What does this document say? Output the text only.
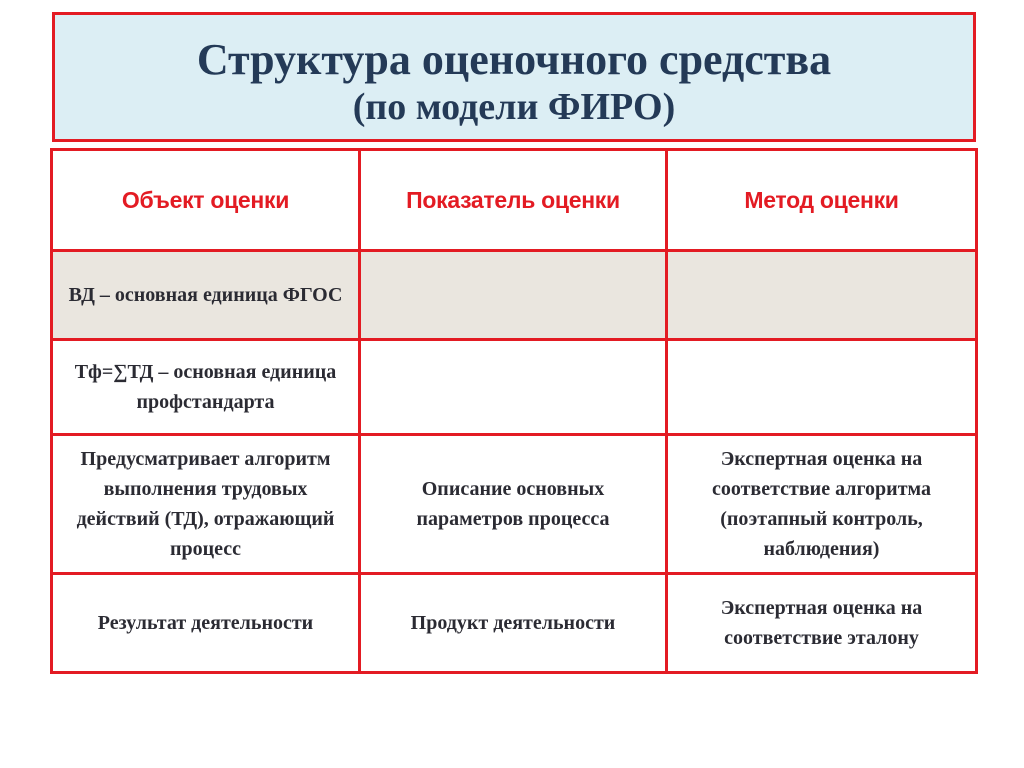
Структура оценочного средства
(по модели ФИРО)
Объект оценки	Показатель оценки	Метод оценки
ВД – основная единица ФГОС		
Тф=∑ТД – основная единица профстандарта		
Предусматривает алгоритм выполнения трудовых действий (ТД), отражающий процесс	Описание основных параметров процесса	Экспертная оценка на соответствие алгоритма (поэтапный контроль, наблюдения)
Результат деятельности	Продукт деятельности	Экспертная оценка на соответствие эталону
